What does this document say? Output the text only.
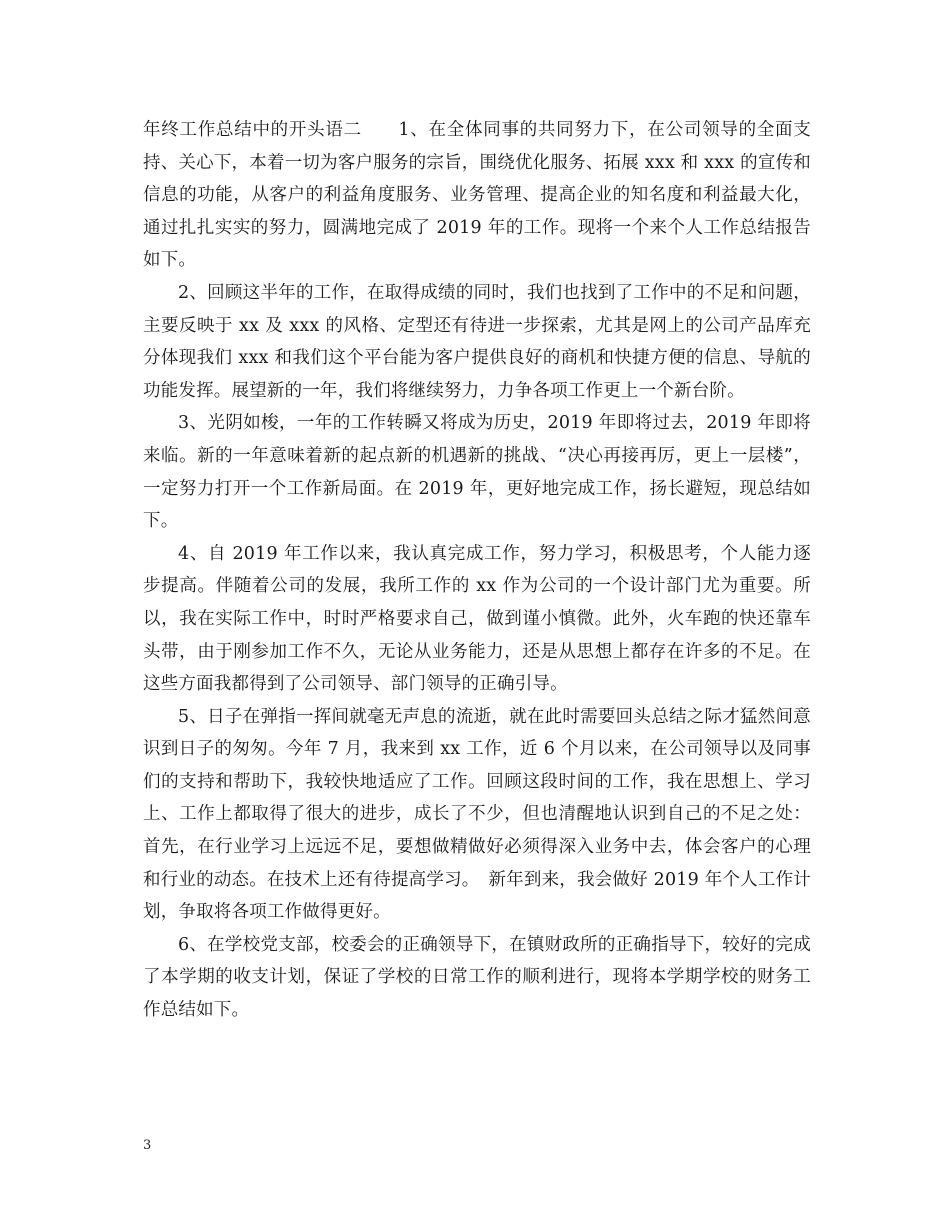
年终工作总结中的开头语二　　1、在全体同事的共同努力下，在公司领导的全面支持、关心下，本着一切为客户服务的宗旨，围绕优化服务、拓展 xxx 和 xxx 的宣传和信息的功能，从客户的利益角度服务、业务管理、提高企业的知名度和利益最大化，通过扎扎实实的努力，圆满地完成了 2019 年的工作。现将一个来个人工作总结报告如下。

2、回顾这半年的工作，在取得成绩的同时，我们也找到了工作中的不足和问题，主要反映于 xx 及 xxx 的风格、定型还有待进一步探索，尤其是网上的公司产品库充分体现我们 xxx 和我们这个平台能为客户提供良好的商机和快捷方便的信息、导航的功能发挥。展望新的一年，我们将继续努力，力争各项工作更上一个新台阶。

3、光阴如梭，一年的工作转瞬又将成为历史，2019 年即将过去，2019 年即将来临。新的一年意味着新的起点新的机遇新的挑战、“决心再接再厉，更上一层楼”，一定努力打开一个工作新局面。在 2019 年，更好地完成工作，扬长避短，现总结如下。

4、自 2019 年工作以来，我认真完成工作，努力学习，积极思考，个人能力逐步提高。伴随着公司的发展，我所工作的 xx 作为公司的一个设计部门尤为重要。所以，我在实际工作中，时时严格要求自己，做到谨小慎微。此外，火车跑的快还靠车头带，由于刚参加工作不久，无论从业务能力，还是从思想上都存在许多的不足。在这些方面我都得到了公司领导、部门领导的正确引导。

5、日子在弹指一挥间就毫无声息的流逝，就在此时需要回头总结之际才猛然间意识到日子的匆匆。今年 7 月，我来到 xx 工作，近 6 个月以来，在公司领导以及同事们的支持和帮助下，我较快地适应了工作。回顾这段时间的工作，我在思想上、学习上、工作上都取得了很大的进步，成长了不少，但也清醒地认识到自己的不足之处：首先，在行业学习上远远不足，要想做精做好必须得深入业务中去，体会客户的心理和行业的动态。在技术上还有待提高学习。　新年到来，我会做好 2019 年个人工作计划，争取将各项工作做得更好。

6、在学校党支部，校委会的正确领导下，在镇财政所的正确指导下，较好的完成了本学期的收支计划，保证了学校的日常工作的顺利进行，现将本学期学校的财务工作总结如下。

3
